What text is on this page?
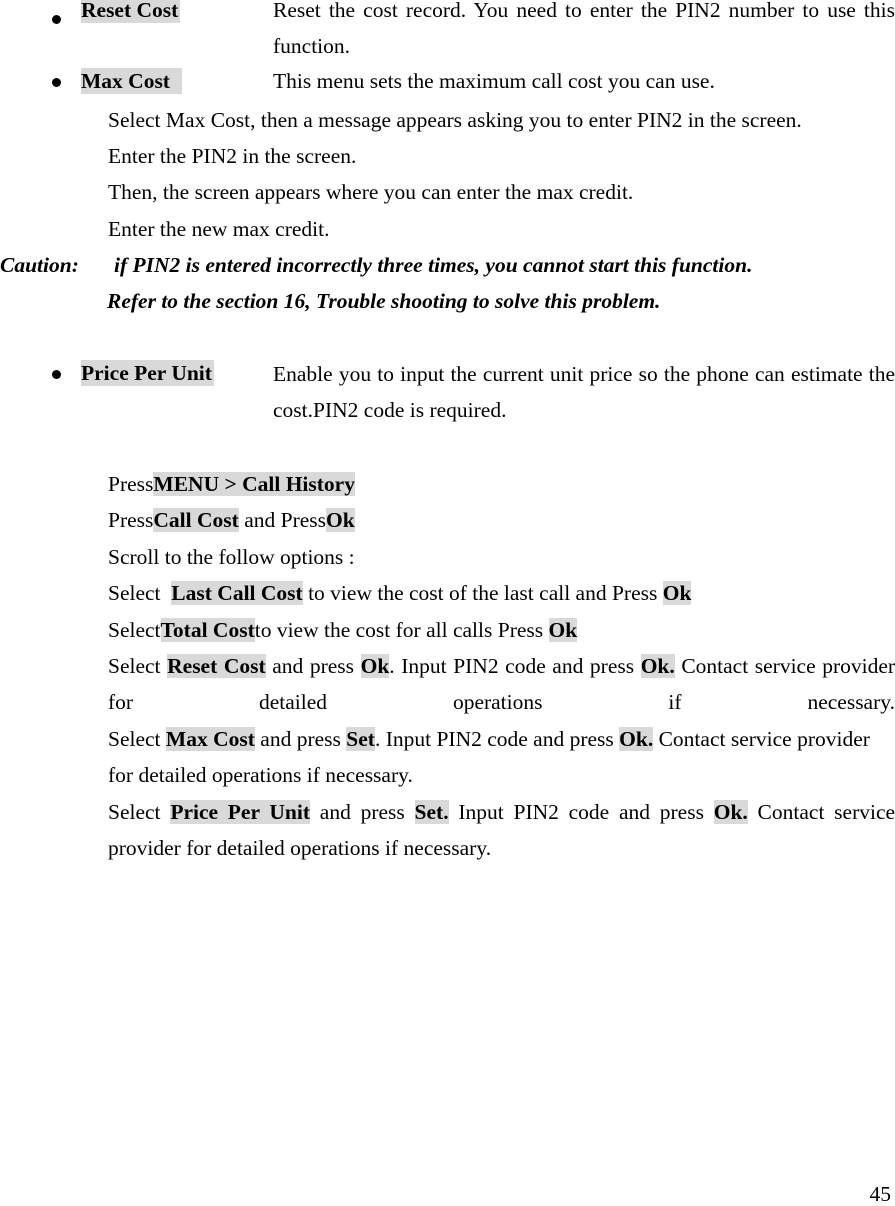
Reset Cost	Reset the cost record. You need to enter the PIN2 number to use this function.
Max Cost	This menu sets the maximum call cost you can use.
Select Max Cost, then a message appears asking you to enter PIN2 in the screen.
Enter the PIN2 in the screen.
Then, the screen appears where you can enter the max credit.
Enter the new max credit.
Caution: if PIN2 is entered incorrectly three times, you cannot start this function.
Refer to the section 16, Trouble shooting to solve this problem.
Price Per Unit	Enable you to input the current unit price so the phone can estimate the cost.PIN2 code is required.
PressMENU > Call History
PressCall Cost and PressOk
Scroll to the follow options :
Select Last Call Cost to view the cost of the last call and Press Ok
SelectTotal Costto view the cost for all calls Press Ok
Select Reset Cost and press Ok. Input PIN2 code and press Ok. Contact service provider for detailed operations if necessary.
Select Max Cost and press Set. Input PIN2 code and press Ok. Contact service provider for detailed operations if necessary.
Select Price Per Unit and press Set. Input PIN2 code and press Ok. Contact service provider for detailed operations if necessary.
45
